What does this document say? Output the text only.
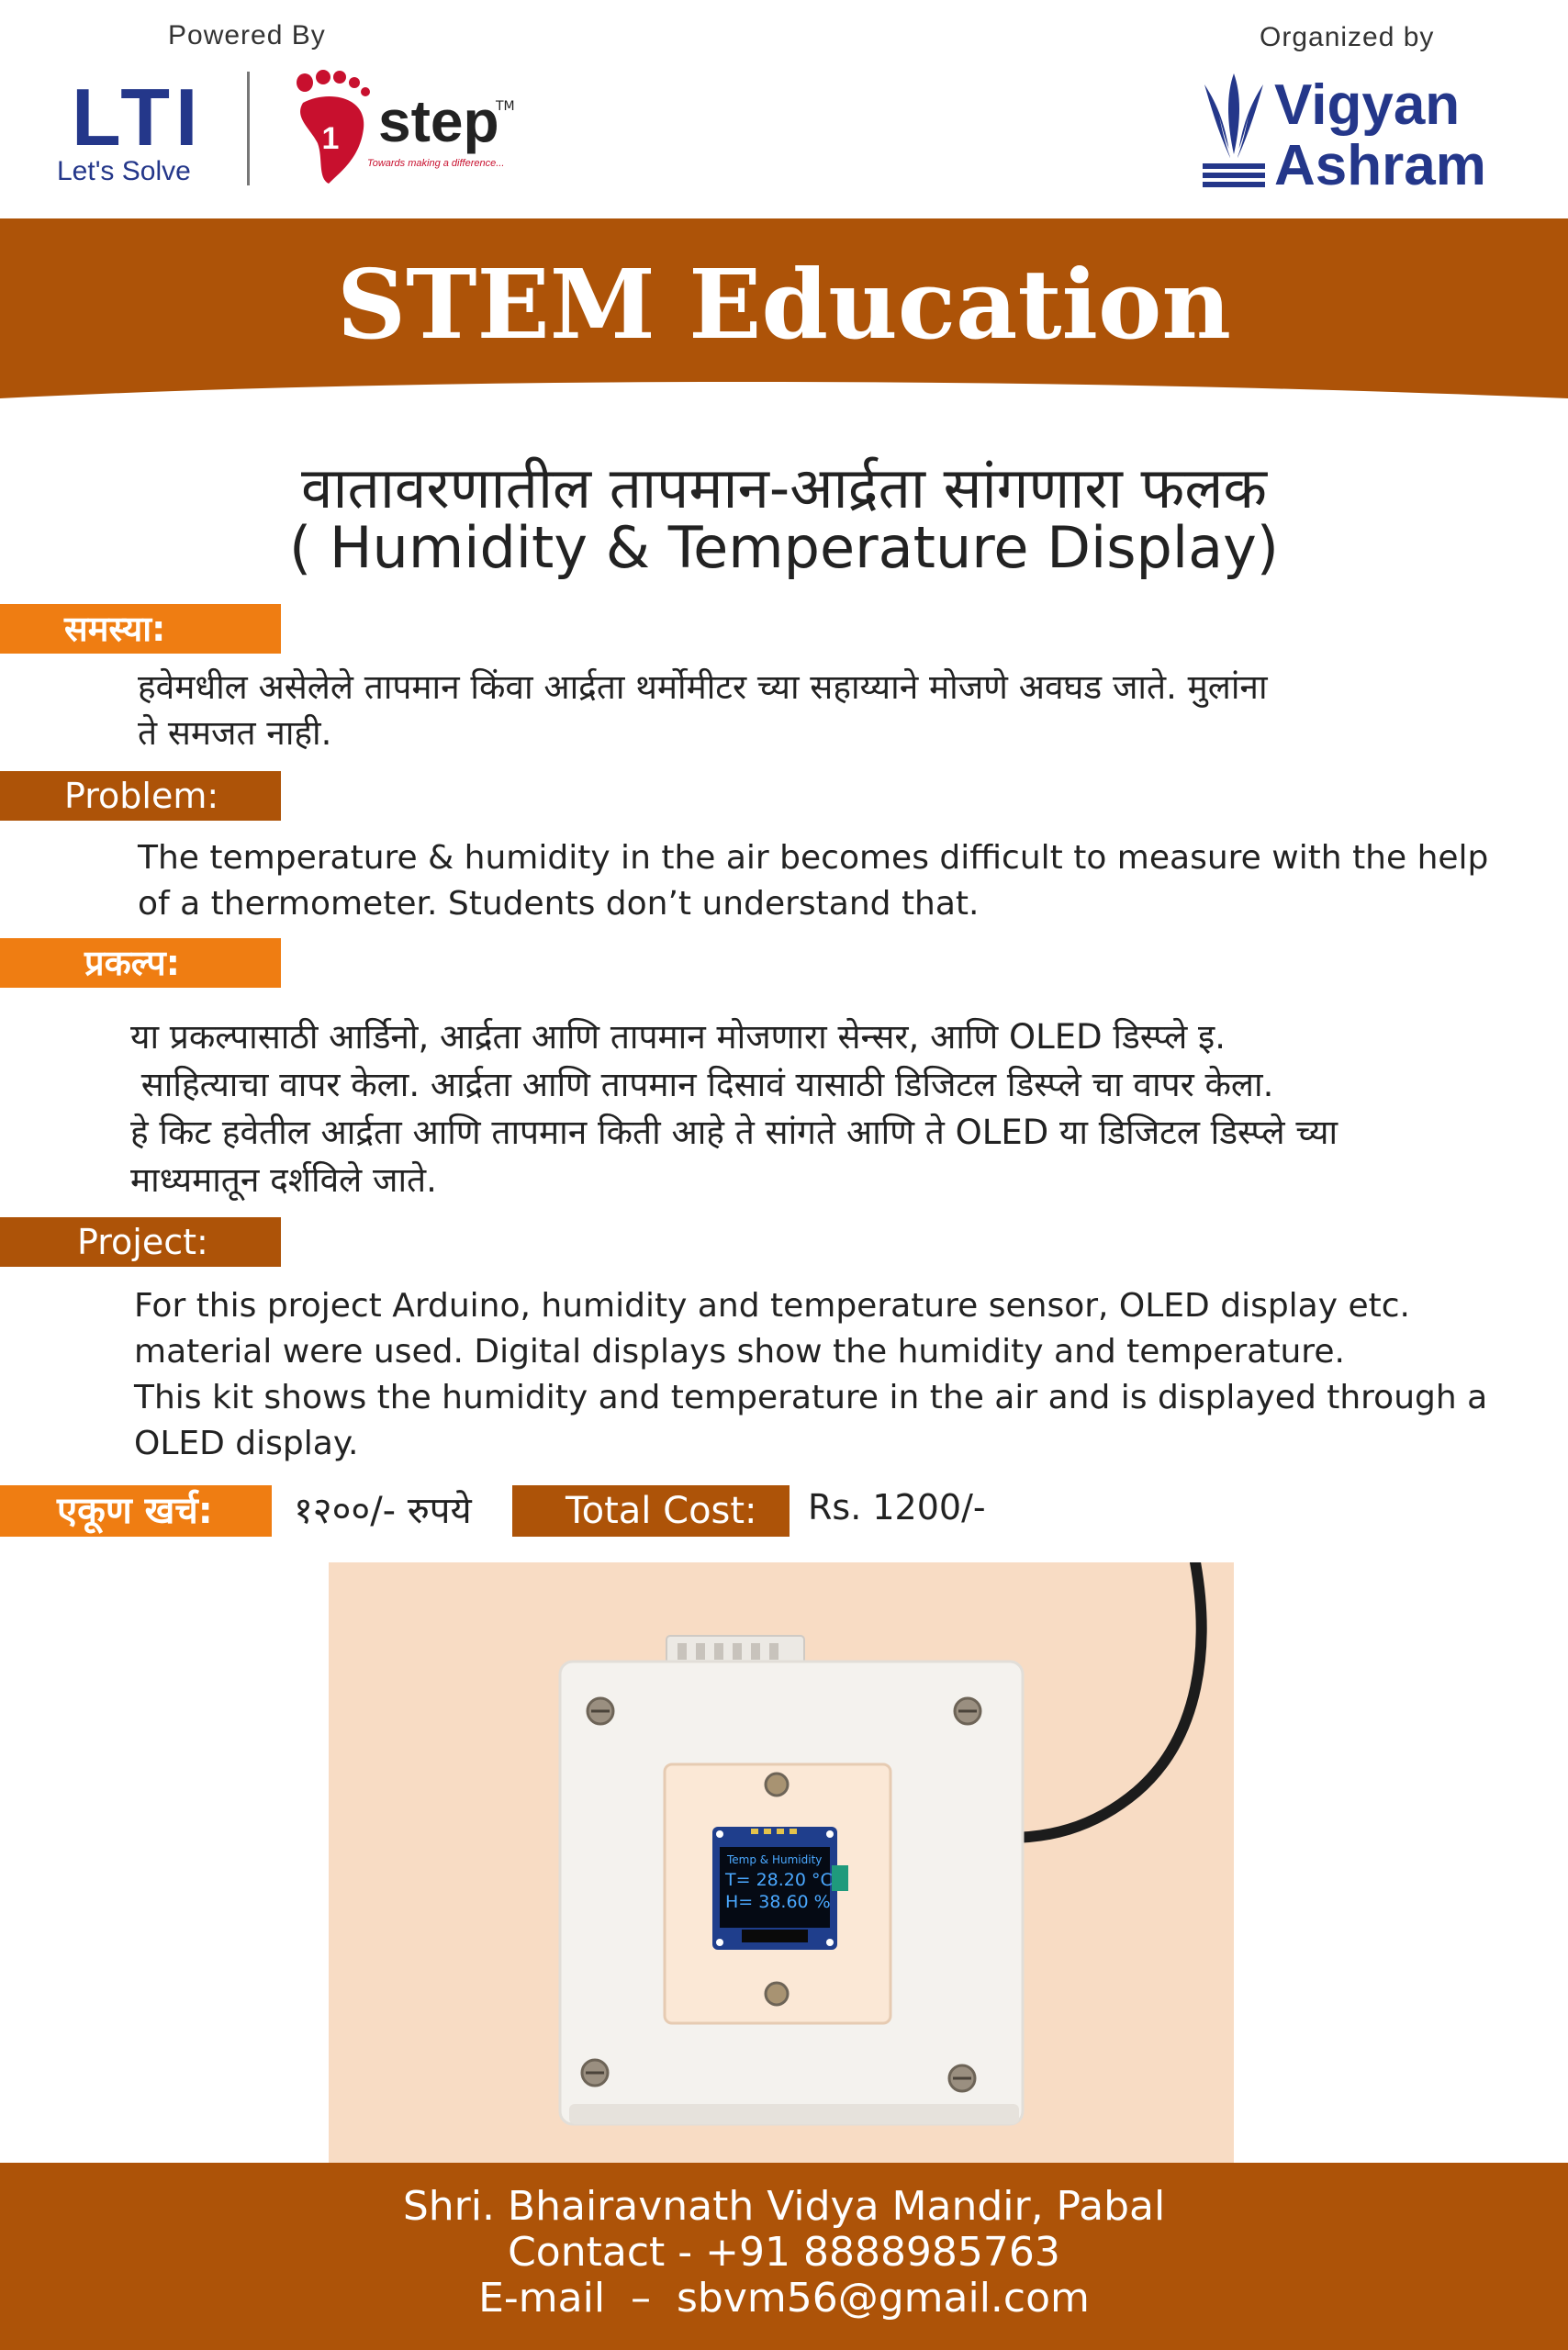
Powered By	Organized by
LTI
Let's Solve
1 step
TM
Towards making a difference...
Vigyan
Ashram
STEM Education
वातावरणातील तापमान-आर्द्रता सांगणारा फलक
( Humidity & Temperature Display)
समस्या:
हवेमधील असेलेले तापमान किंवा आर्द्रता थर्मोमीटर च्या सहाय्याने मोजणे अवघड जाते. मुलांना
ते समजत नाही.
Problem:
The temperature & humidity in the air becomes difficult to measure with the help
of a thermometer. Students don’t understand that.
प्रकल्प:
या प्रकल्पासाठी आर्डिनो, आर्द्रता आणि तापमान मोजणारा सेन्सर, आणि OLED डिस्प्ले इ.
साहित्याचा वापर केला. आर्द्रता आणि तापमान दिसावं यासाठी डिजिटल डिस्प्ले चा वापर केला.
हे किट हवेतील आर्द्रता आणि तापमान किती आहे ते सांगते आणि ते OLED या डिजिटल डिस्प्ले च्या
माध्यमातून दर्शविले जाते.
Project:
For this project Arduino, humidity and temperature sensor, OLED display etc.
material were used. Digital displays show the humidity and temperature.
This kit shows the humidity and temperature in the air and is displayed through a
OLED display.
एकूण खर्च:	१२००/- रुपये	Total Cost:	Rs. 1200/-
Temp & Humidity
T= 28.20 °C
H= 38.60 %
Shri. Bhairavnath Vidya Mandir, Pabal
Contact - +91 8888985763
E-mail  –  sbvm56@gmail.com
